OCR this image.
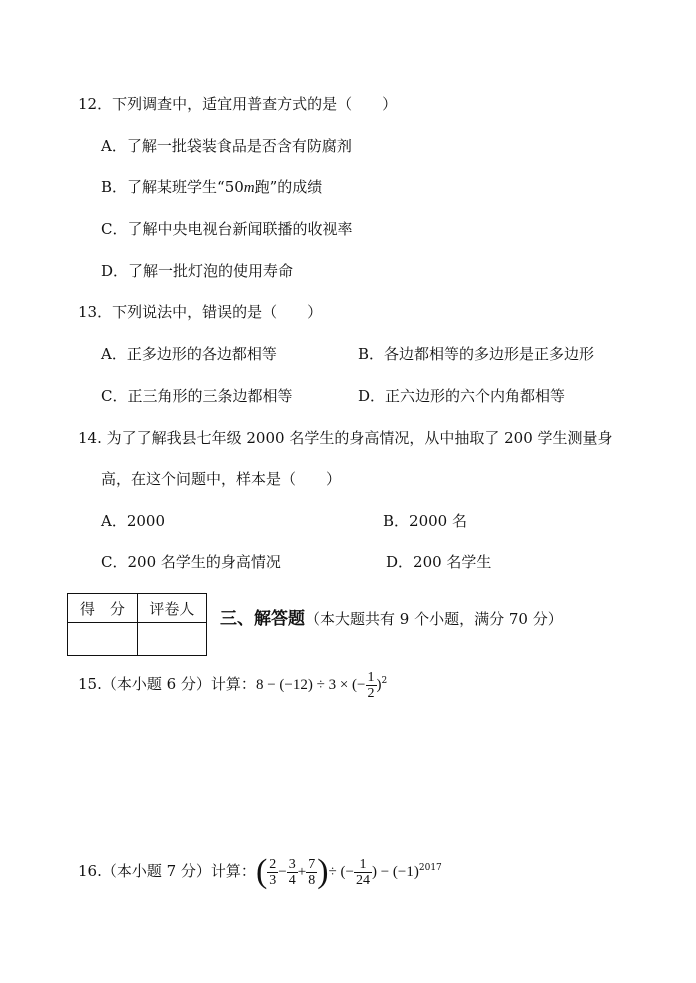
12．下列调查中，适宜用普查方式的是（　　）
A．了解一批袋装食品是否含有防腐剂
B．了解某班学生“50m跑”的成绩
C．了解中央电视台新闻联播的收视率
D．了解一批灯泡的使用寿命
13．下列说法中，错误的是（　　）
A．正多边形的各边都相等	B．各边都相等的多边形是正多边形
C．正三角形的三条边都相等	D．正六边形的六个内角都相等
14. 为了了解我县七年级 2000 名学生的身高情况，从中抽取了 200 学生测量身
高，在这个问题中，样本是（　　）
A．2000	B．2000 名
C．200 名学生的身高情况	D．200 名学生
得　分	评卷人

三、解答题（本大题共有 9 个小题，满分 70 分）
15.（本小题 6 分）计算：8 − (−12) ÷ 3 × (− $\frac{1}{2} )^2$
16.（本小题 7 分）计算：( $\frac{2}{3} - \frac{3}{4} + \frac{7}{8}$ )÷ (− $\frac{1}{24}$ ) − $(-1)^{2017}$
